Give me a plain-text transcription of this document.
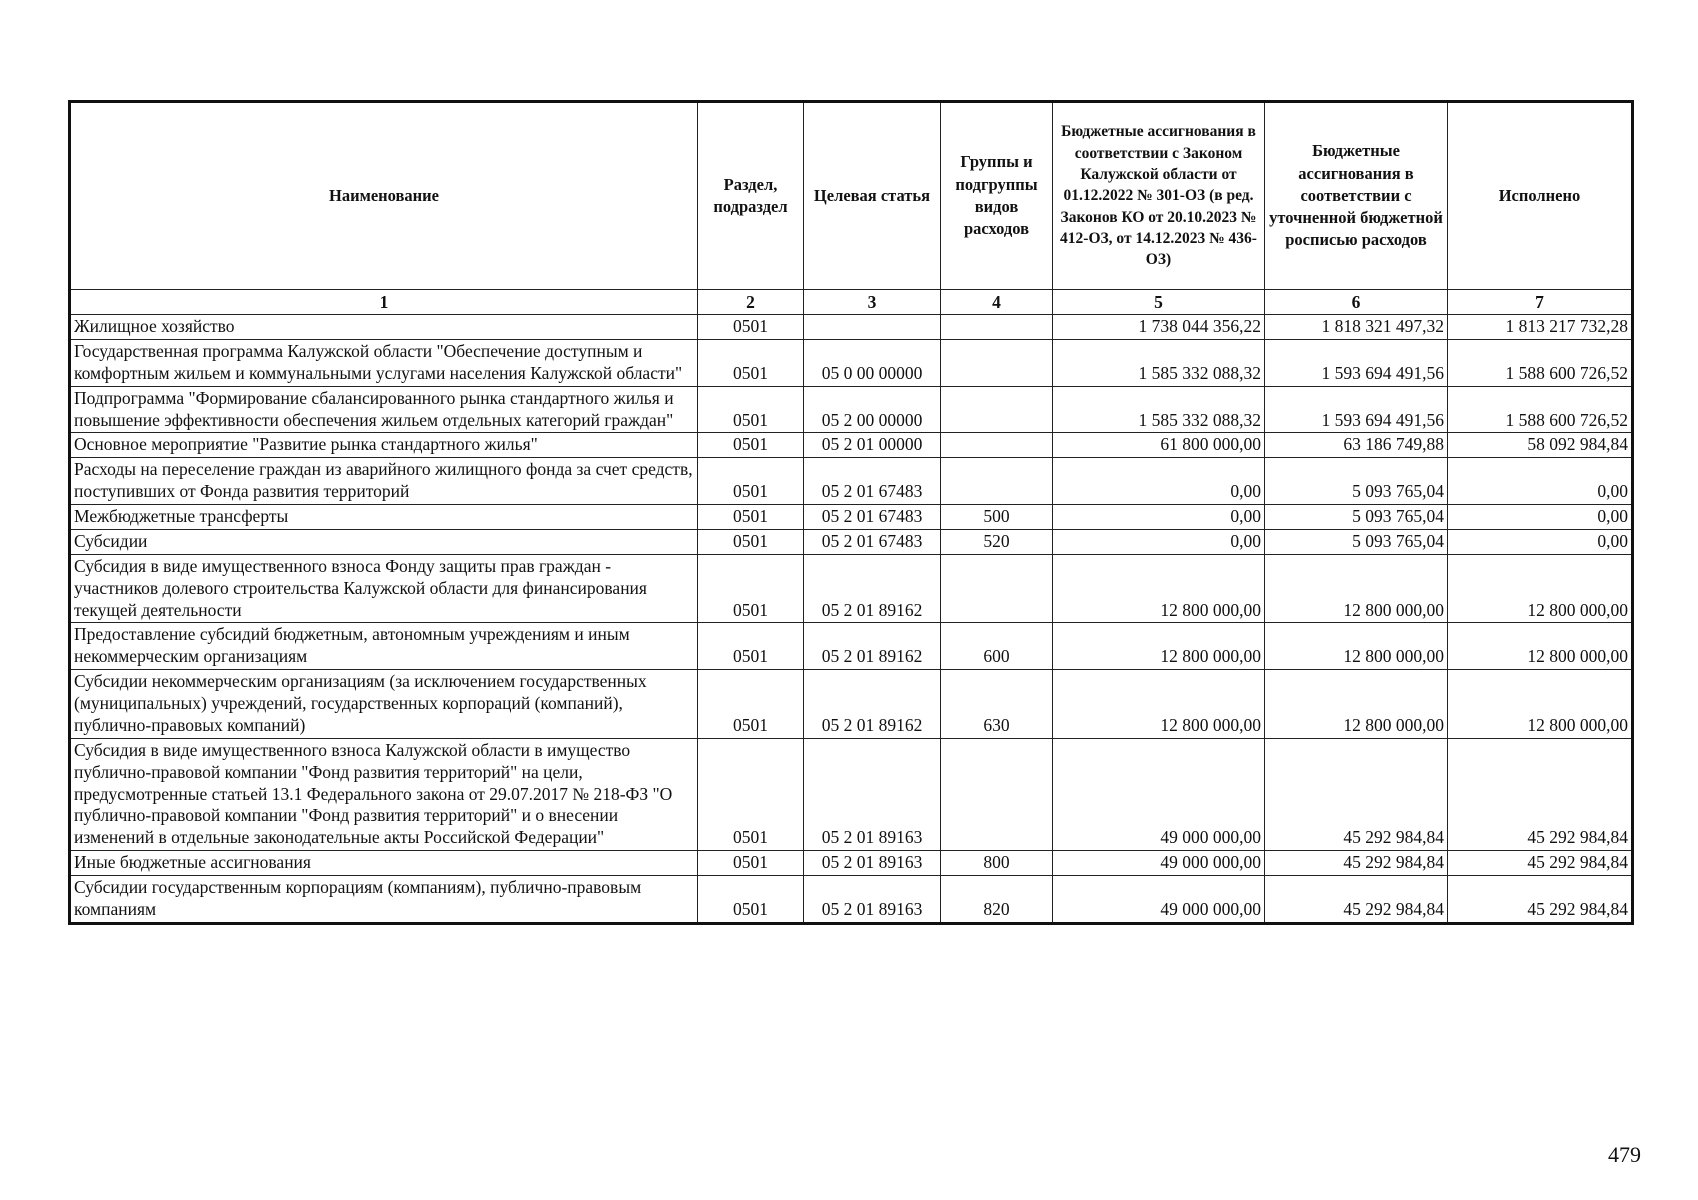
Наименование	Раздел, подраздел	Целевая статья	Группы и подгруппы видов расходов	Бюджетные ассигнования в соответствии с Законом Калужской области от 01.12.2022 № 301-ОЗ (в ред. Законов КО от 20.10.2023 № 412-ОЗ, от 14.12.2023 № 436-ОЗ)	Бюджетные ассигнования в соответствии с уточненной бюджетной росписью расходов	Исполнено
1	2	3	4	5	6	7
Жилищное хозяйство	0501			1 738 044 356,22	1 818 321 497,32	1 813 217 732,28
Государственная программа Калужской области "Обеспечение доступным и комфортным жильем и коммунальными услугами населения Калужской области"	0501	05 0 00 00000		1 585 332 088,32	1 593 694 491,56	1 588 600 726,52
Подпрограмма "Формирование сбалансированного рынка стандартного жилья и повышение эффективности обеспечения жильем отдельных категорий граждан"	0501	05 2 00 00000		1 585 332 088,32	1 593 694 491,56	1 588 600 726,52
Основное мероприятие "Развитие рынка стандартного жилья"	0501	05 2 01 00000		61 800 000,00	63 186 749,88	58 092 984,84
Расходы на переселение граждан из аварийного жилищного фонда за счет средств, поступивших от Фонда развития территорий	0501	05 2 01 67483		0,00	5 093 765,04	0,00
Межбюджетные трансферты	0501	05 2 01 67483	500	0,00	5 093 765,04	0,00
Субсидии	0501	05 2 01 67483	520	0,00	5 093 765,04	0,00
Субсидия в виде имущественного взноса Фонду защиты прав граждан - участников долевого строительства Калужской области для финансирования текущей деятельности	0501	05 2 01 89162		12 800 000,00	12 800 000,00	12 800 000,00
Предоставление субсидий бюджетным, автономным учреждениям и иным некоммерческим организациям	0501	05 2 01 89162	600	12 800 000,00	12 800 000,00	12 800 000,00
Субсидии некоммерческим организациям (за исключением государственных (муниципальных) учреждений, государственных корпораций (компаний), публично-правовых компаний)	0501	05 2 01 89162	630	12 800 000,00	12 800 000,00	12 800 000,00
Субсидия в виде имущественного взноса Калужской области в имущество публично-правовой компании "Фонд развития территорий" на цели, предусмотренные статьей 13.1 Федерального закона от 29.07.2017 № 218-ФЗ "О публично-правовой компании "Фонд развития территорий" и о внесении изменений в отдельные законодательные акты Российской Федерации"	0501	05 2 01 89163		49 000 000,00	45 292 984,84	45 292 984,84
Иные бюджетные ассигнования	0501	05 2 01 89163	800	49 000 000,00	45 292 984,84	45 292 984,84
Субсидии государственным корпорациям (компаниям), публично-правовым компаниям	0501	05 2 01 89163	820	49 000 000,00	45 292 984,84	45 292 984,84
479
